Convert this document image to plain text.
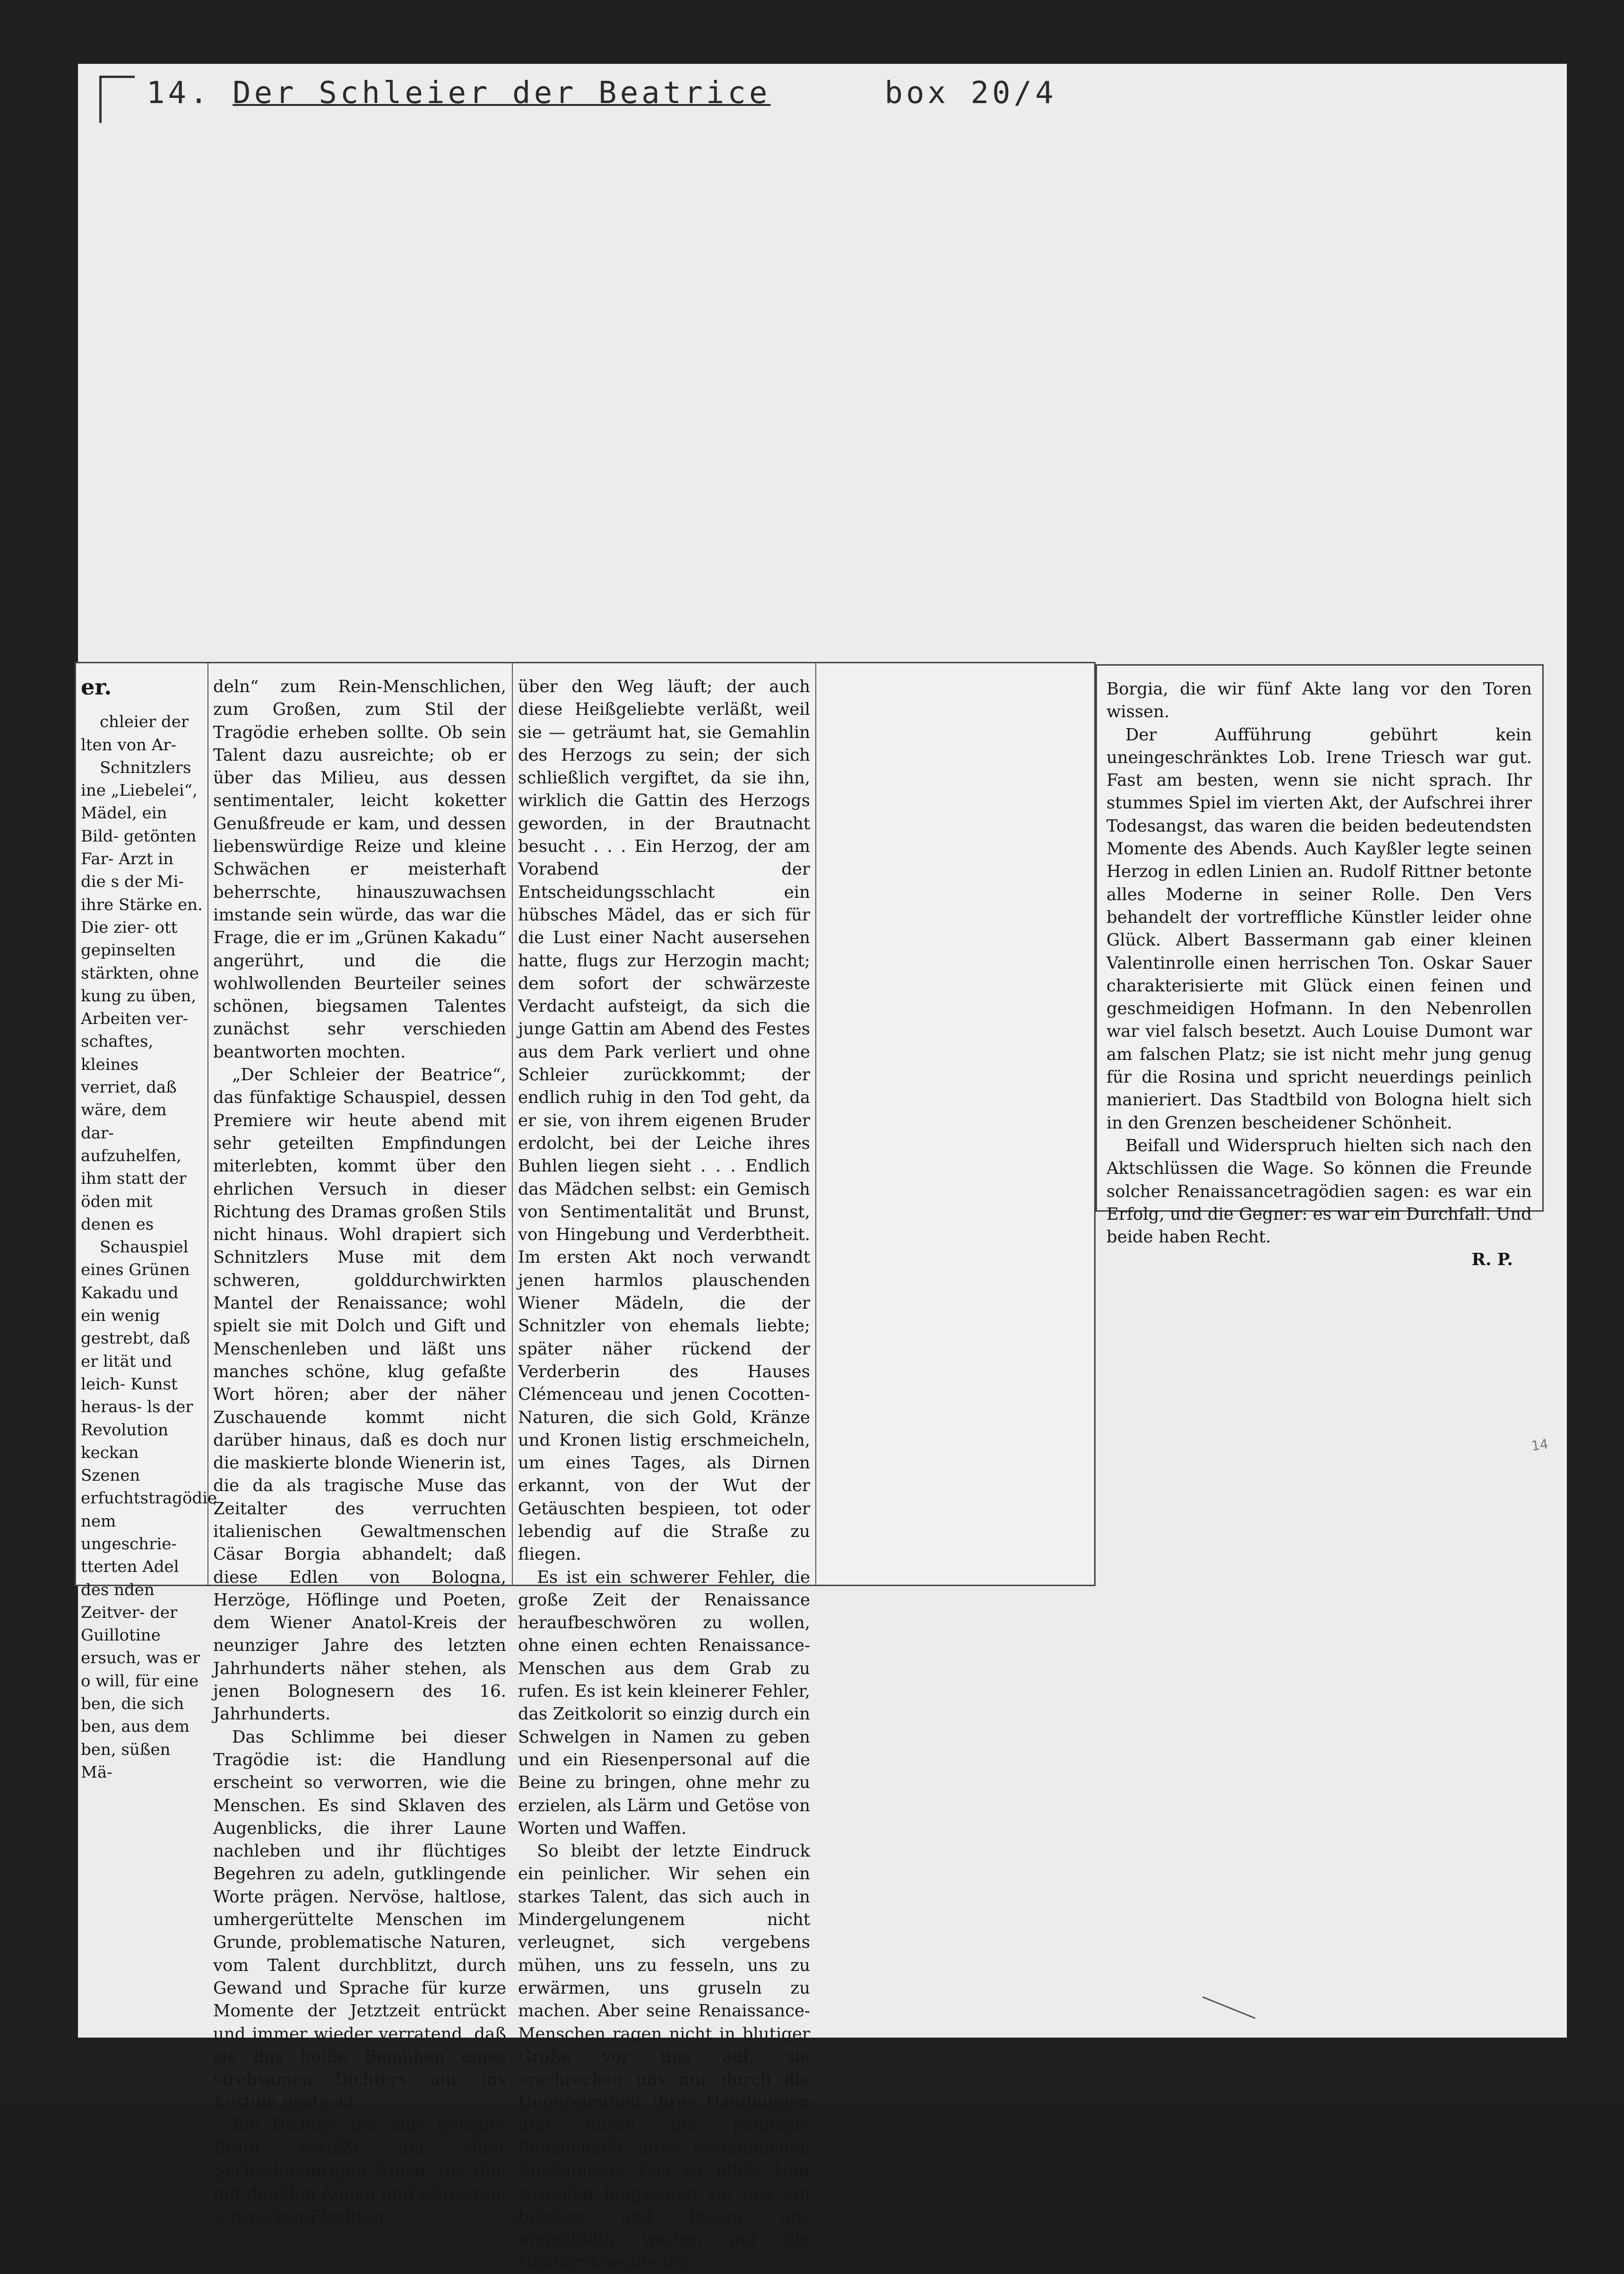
14. Der Schleier der Beatrice	box 20/4

er.

chleier der lten von Ar-

Schnitzlers ine „Liebelei“, Mädel, ein Bild- getönten Far- Arzt in die s der Mi- ihre Stärke en. Die zier- ott gepinselten stärkten, ohne kung zu üben, Arbeiten ver- schaftes, kleines verriet, daß wäre, dem dar- aufzuhelfen, ihm statt der öden mit denen es

Schauspiel eines Grünen Kakadu und ein wenig gestrebt, daß er lität und leich- Kunst heraus- ls der Revolution keckan Szenen erfuchtstragödie nem ungeschrie- tterten Adel des nden Zeitver- der Guillotine ersuch, was er o will, für eine ben, die sich ben, aus dem ben, süßen Mä-

deln“ zum Rein-Menschlichen, zum Großen, zum Stil der Tragödie erheben sollte. Ob sein Talent dazu ausreichte; ob er über das Milieu, aus dessen sentimentaler, leicht koketter Genußfreude er kam, und dessen liebenswürdige Reize und kleine Schwächen er meisterhaft beherrschte, hinauszuwachsen imstande sein würde, das war die Frage, die er im „Grünen Kakadu“ angerührt, und die die wohlwollenden Beurteiler seines schönen, biegsamen Talentes zunächst sehr verschieden beantworten mochten.

„Der Schleier der Beatrice“, das fünfaktige Schauspiel, dessen Premiere wir heute abend mit sehr geteilten Empfindungen miterlebten, kommt über den ehrlichen Versuch in dieser Richtung des Dramas großen Stils nicht hinaus. Wohl drapiert sich Schnitzlers Muse mit dem schweren, golddurchwirkten Mantel der Renaissance; wohl spielt sie mit Dolch und Gift und Menschenleben und läßt uns manches schöne, klug gefaßte Wort hören; aber der näher Zuschauende kommt nicht darüber hinaus, daß es doch nur die maskierte blonde Wienerin ist, die da als tragische Muse das Zeitalter des verruchten italienischen Gewaltmenschen Cäsar Borgia abhandelt; daß diese Edlen von Bologna, Herzöge, Höflinge und Poeten, dem Wiener Anatol-Kreis der neunziger Jahre des letzten Jahrhunderts näher stehen, als jenen Bolognesern des 16. Jahrhunderts.

Das Schlimme bei dieser Tragödie ist: die Handlung erscheint so verworren, wie die Menschen. Es sind Sklaven des Augenblicks, die ihrer Laune nachleben und ihr flüchtiges Begehren zu adeln, gutklingende Worte prägen. Nervöse, haltlose, umhergerüttelte Menschen im Grunde, problematische Naturen, vom Talent durchblitzt, durch Gewand und Sprache für kurze Momente der Jetztzeit entrückt und immer wieder verratend, daß sie das heiße Bemühen eines strebsamen Dichters nur ins Kostüm gesteckt.

Ein Dichter, der eine geliebte Braut verläßt um einer Sechzehnjährigen willen, die ihm mit dunklen Augen und schweren, schwarzen Flechten

über den Weg läuft; der auch diese Heißgeliebte verläßt, weil sie — geträumt hat, sie Gemahlin des Herzogs zu sein; der sich schließlich vergiftet, da sie ihn, wirklich die Gattin des Herzogs geworden, in der Brautnacht besucht . . . Ein Herzog, der am Vorabend der Entscheidungsschlacht ein hübsches Mädel, das er sich für die Lust einer Nacht ausersehen hatte, flugs zur Herzogin macht; dem sofort der schwärzeste Verdacht aufsteigt, da sich die junge Gattin am Abend des Festes aus dem Park verliert und ohne Schleier zurückkommt; der endlich ruhig in den Tod geht, da er sie, von ihrem eigenen Bruder erdolcht, bei der Leiche ihres Buhlen liegen sieht . . . Endlich das Mädchen selbst: ein Gemisch von Sentimentalität und Brunst, von Hingebung und Verderbtheit. Im ersten Akt noch verwandt jenen harmlos plauschenden Wiener Mädeln, die der Schnitzler von ehemals liebte; später näher rückend der Verderberin des Hauses Clémenceau und jenen Cocotten-Naturen, die sich Gold, Kränze und Kronen listig erschmeicheln, um eines Tages, als Dirnen erkannt, von der Wut der Getäuschten bespieen, tot oder lebendig auf die Straße zu fliegen.

Es ist ein schwerer Fehler, die große Zeit der Renaissance heraufbeschwören zu wollen, ohne einen echten Renaissance-Menschen aus dem Grab zu rufen. Es ist kein kleinerer Fehler, das Zeitkolorit so einzig durch ein Schwelgen in Namen zu geben und ein Riesenpersonal auf die Beine zu bringen, ohne mehr zu erzielen, als Lärm und Getöse von Worten und Waffen.

So bleibt der letzte Eindruck ein peinlicher. Wir sehen ein starkes Talent, das sich auch in Mindergelungenem nicht verleugnet, sich vergebens mühen, uns zu fesseln, uns zu erwärmen, uns gruseln zu machen. Aber seine Renaissance-Menschen ragen nicht in blutiger Größe vor uns auf; sie erschrecken uns nur durch die Ungereimtheit ihrer Handlungen und durch die peinliche Plötzlichkeit ihrer erstaunlichen Entschlüsse. Das ist alles. Und zuweilen langweilen sie uns ein bischen und lassen uns ungeduldig warten auf die Henkersknechte des

Borgia, die wir fünf Akte lang vor den Toren wissen.

Der Aufführung gebührt kein uneingeschränktes Lob. Irene Triesch war gut. Fast am besten, wenn sie nicht sprach. Ihr stummes Spiel im vierten Akt, der Aufschrei ihrer Todesangst, das waren die beiden bedeutendsten Momente des Abends. Auch Kayßler legte seinen Herzog in edlen Linien an. Rudolf Rittner betonte alles Moderne in seiner Rolle. Den Vers behandelt der vortreffliche Künstler leider ohne Glück. Albert Bassermann gab einer kleinen Valentinrolle einen herrischen Ton. Oskar Sauer charakterisierte mit Glück einen feinen und geschmeidigen Hofmann. In den Nebenrollen war viel falsch besetzt. Auch Louise Dumont war am falschen Platz; sie ist nicht mehr jung genug für die Rosina und spricht neuerdings peinlich manieriert. Das Stadtbild von Bologna hielt sich in den Grenzen bescheidener Schönheit.

Beifall und Widerspruch hielten sich nach den Aktschlüssen die Wage. So können die Freunde solcher Renaissancetragödien sagen: es war ein Erfolg, und die Gegner: es war ein Durchfall. Und beide haben Recht.

R. P.

14
